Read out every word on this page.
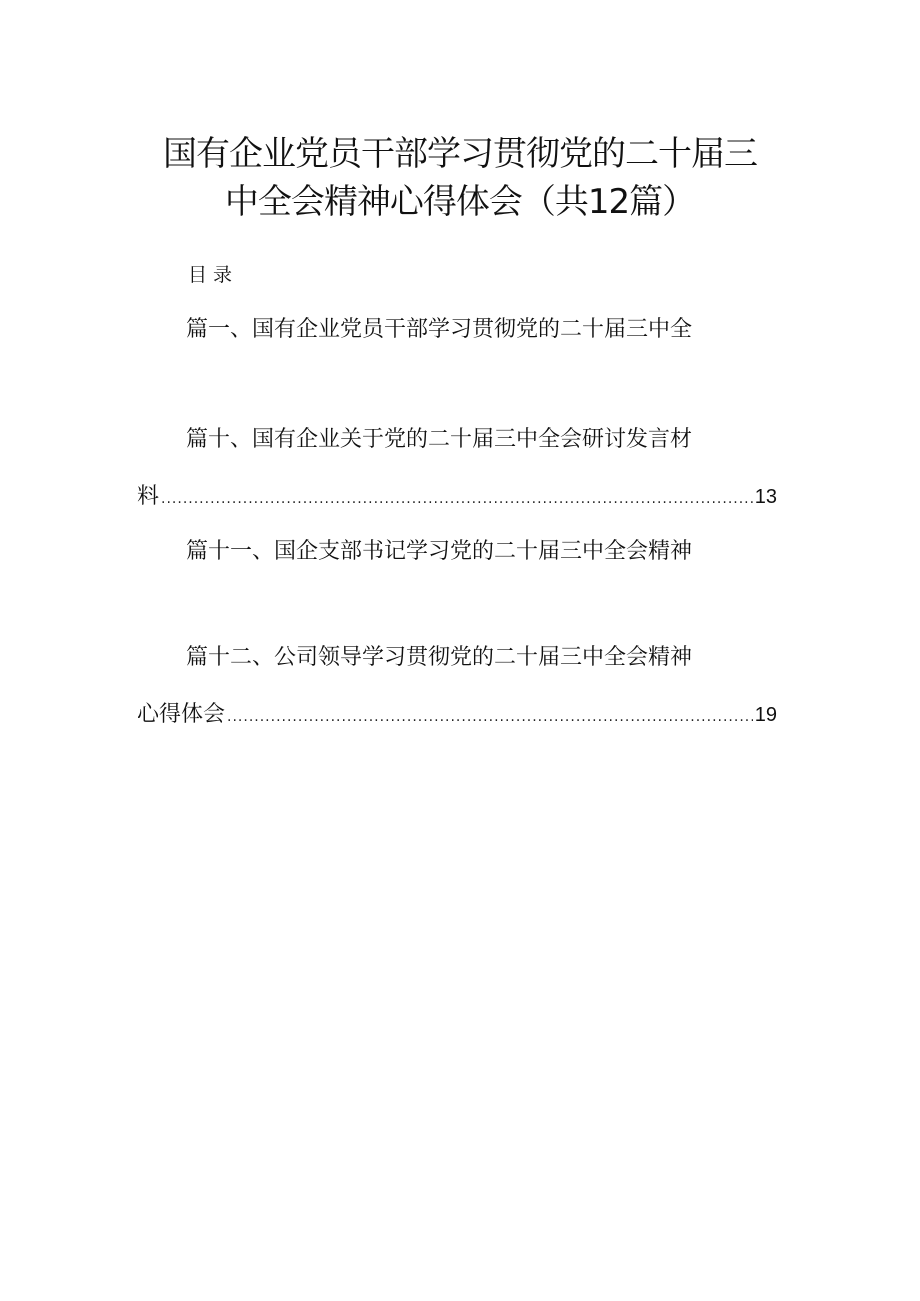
国有企业党员干部学习贯彻党的二十届三
中全会精神心得体会（共12篇）
目录
篇一、国有企业党员干部学习贯彻党的二十届三中全
篇十、国有企业关于党的二十届三中全会研讨发言材
料 .....	13
篇十一、国企支部书记学习党的二十届三中全会精神
篇十二、公司领导学习贯彻党的二十届三中全会精神
心得体会 .....	19
